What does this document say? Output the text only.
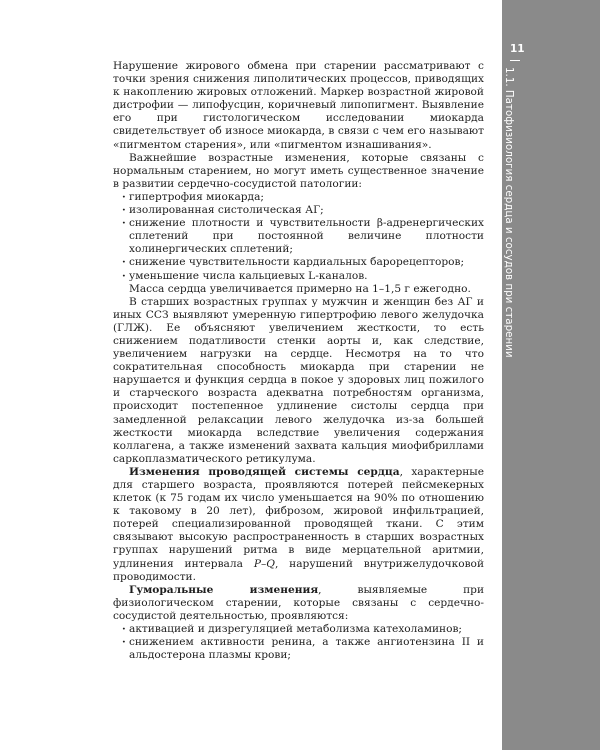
11
1.1. Патофизиология сердца и сосудов при старении

Нарушение жирового обмена при старении рассматривают с точки зрения снижения липолитических процессов, приводящих к накоплению жировых отложений. Маркер возрастной жировой дистрофии — липофусцин, коричневый липопигмент. Выявление его при гистологическом исследовании миокарда свидетельствует об износе миокарда, в связи с чем его называют «пигментом старения», или «пигментом изнашивания».

Важнейшие возрастные изменения, которые связаны с нормальным старением, но могут иметь существенное значение в развитии сердечно-сосудистой патологии:

· гипертрофия миокарда;
· изолированная систолическая АГ;
· снижение плотности и чувствительности β-адренергических сплетений при постоянной величине плотности холинергических сплетений;
· снижение чувствительности кардиальных барорецепторов;
· уменьшение числа кальциевых L-каналов.

Масса сердца увеличивается примерно на 1–1,5 г ежегодно.

В старших возрастных группах у мужчин и женщин без АГ и иных ССЗ выявляют умеренную гипертрофию левого желудочка (ГЛЖ). Ее объясняют увеличением жесткости, то есть снижением податливости стенки аорты и, как следствие, увеличением нагрузки на сердце. Несмотря на то что сократительная способность миокарда при старении не нарушается и функция сердца в покое у здоровых лиц пожилого и старческого возраста адекватна потребностям организма, происходит постепенное удлинение систолы сердца при замедленной релаксации левого желудочка из-за большей жесткости миокарда вследствие увеличения содержания коллагена, а также изменений захвата кальция миофибриллами саркоплазматического ретикулума.

Изменения проводящей системы сердца, характерные для старшего возраста, проявляются потерей пейсмекерных клеток (к 75 годам их число уменьшается на 90% по отношению к таковому в 20 лет), фиброзом, жировой инфильтрацией, потерей специализированной проводящей ткани. С этим связывают высокую распространенность в старших возрастных группах нарушений ритма в виде мерцательной аритмии, удлинения интервала P–Q, нарушений внутрижелудочковой проводимости.

Гуморальные изменения, выявляемые при физиологическом старении, которые связаны с сердечно-сосудистой деятельностью, проявляются:

· активацией и дизрегуляцией метаболизма катехоламинов;
· снижением активности ренина, а также ангиотензина II и альдостерона плазмы крови;
